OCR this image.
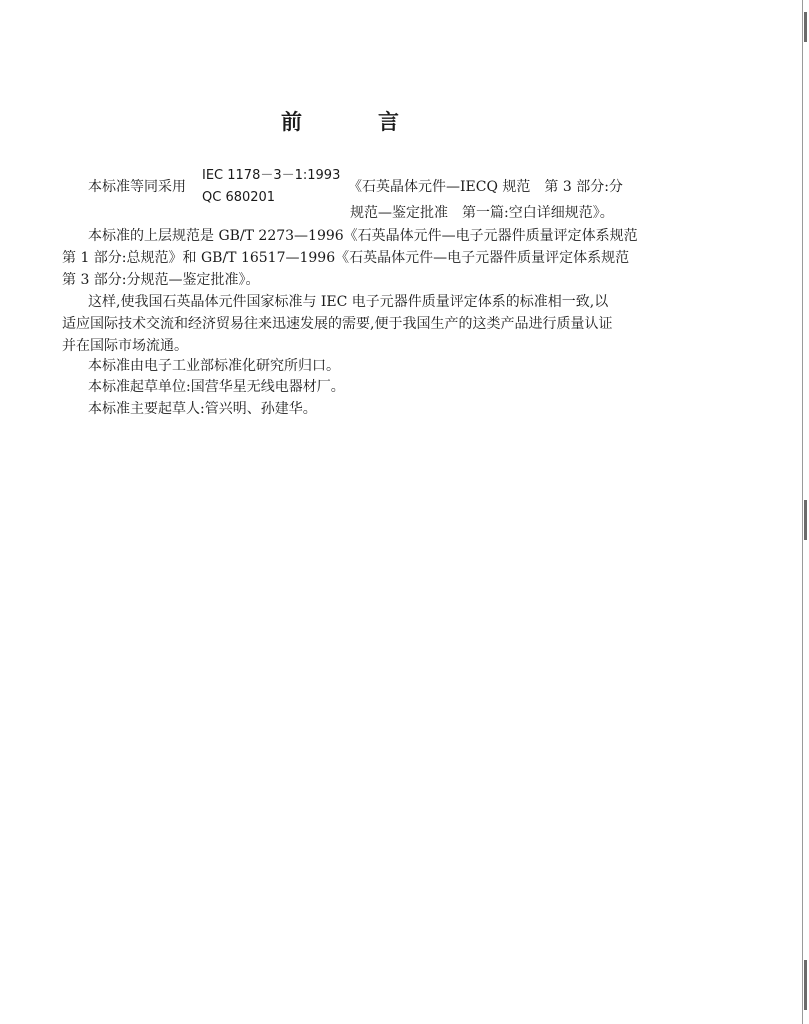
前	言
本标准等同采用
IEC 1178－3－1:1993
QC 680201
《石英晶体元件—IECQ 规范　第 3 部分:分
规范—鉴定批准　第一篇:空白详细规范》。
本标准的上层规范是 GB/T 2273—1996《石英晶体元件—电子元器件质量评定体系规范
第 1 部分:总规范》和 GB/T 16517—1996《石英晶体元件—电子元器件质量评定体系规范
第 3 部分:分规范—鉴定批准》。
这样,使我国石英晶体元件国家标准与 IEC 电子元器件质量评定体系的标准相一致,以
适应国际技术交流和经济贸易往来迅速发展的需要,便于我国生产的这类产品进行质量认证
并在国际市场流通。
本标准由电子工业部标准化研究所归口。
本标准起草单位:国营华星无线电器材厂。
本标准主要起草人:管兴明、孙建华。
